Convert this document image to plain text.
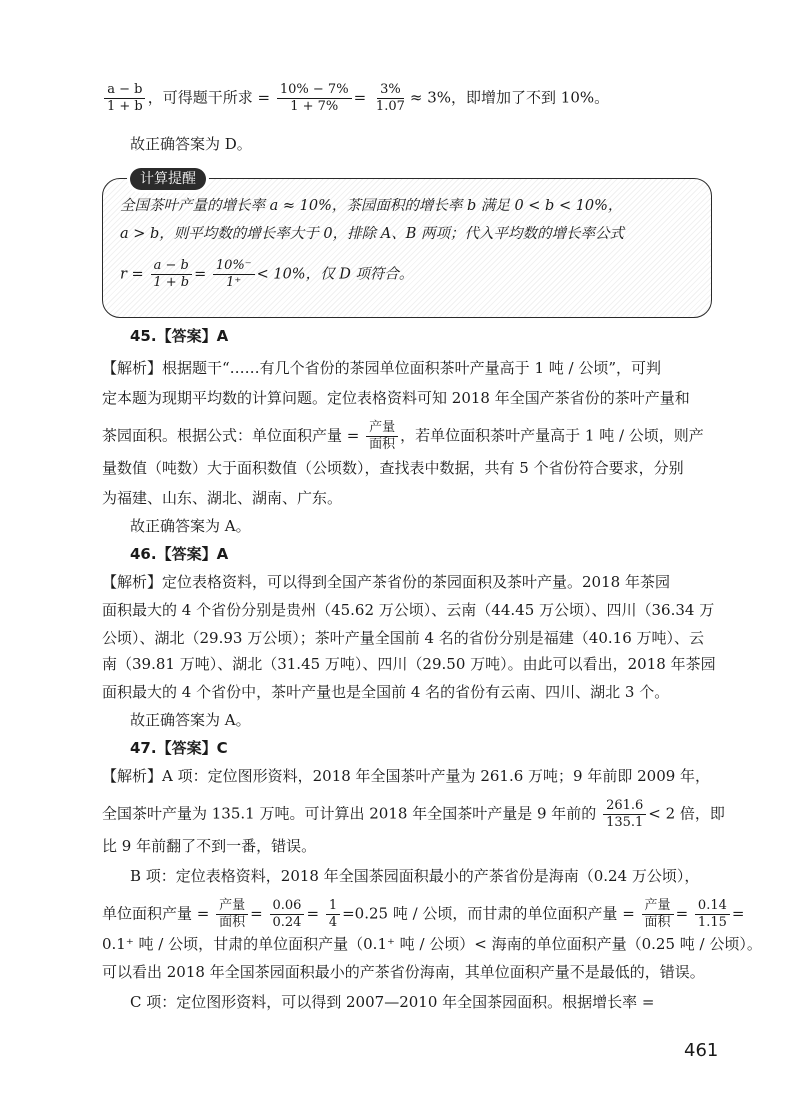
$\frac{a - b}{1 + b}$ ，可得题干所求 = $\frac{10\% - 7\%}{1 + 7\%} = \frac{3\%}{1.07} \approx 3\%$，即增加了不到 10%。
故正确答案为 D。
计算提醒
全国茶叶产量的增长率 a ≈ 10%，茶园面积的增长率 b 满足 0 < b < 10%，
a > b，则平均数的增长率大于 0，排除 A、B 两项；代入平均数的增长率公式
$r = \frac{a - b}{1 + b} = \frac{10\%^-}{1^+} < 10\%$，仅 D 项符合。
45.【答案】A
【解析】根据题干“……有几个省份的茶园单位面积茶叶产量高于 1 吨 / 公顷”，可判
定本题为现期平均数的计算问题。定位表格资料可知 2018 年全国产茶省份的茶叶产量和
茶园面积。根据公式：单位面积产量 = $\frac{\text{产量}}{\text{面积}}$ ，若单位面积茶叶产量高于 1 吨 / 公顷，则产
量数值（吨数）大于面积数值（公顷数），查找表中数据，共有 5 个省份符合要求，分别
为福建、山东、湖北、湖南、广东。
故正确答案为 A。
46.【答案】A
【解析】定位表格资料，可以得到全国产茶省份的茶园面积及茶叶产量。2018 年茶园
面积最大的 4 个省份分别是贵州（45.62 万公顷）、云南（44.45 万公顷）、四川（36.34 万
公顷）、湖北（29.93 万公顷）；茶叶产量全国前 4 名的省份分别是福建（40.16 万吨）、云
南（39.81 万吨）、湖北（31.45 万吨）、四川（29.50 万吨）。由此可以看出，2018 年茶园
面积最大的 4 个省份中，茶叶产量也是全国前 4 名的省份有云南、四川、湖北 3 个。
故正确答案为 A。
47.【答案】C
【解析】A 项：定位图形资料，2018 年全国茶叶产量为 261.6 万吨；9 年前即 2009 年，
全国茶叶产量为 135.1 万吨。可计算出 2018 年全国茶叶产量是 9 年前的 $\frac{261.6}{135.1} < 2$ 倍，即
比 9 年前翻了不到一番，错误。
B 项：定位表格资料，2018 年全国茶园面积最小的产茶省份是海南（0.24 万公顷），
单位面积产量 = $\frac{\text{产量}}{\text{面积}} = \frac{0.06}{0.24} = \frac{1}{4} =0.25$ 吨 / 公顷，而甘肃的单位面积产量 = $\frac{\text{产量}}{\text{面积}} = \frac{0.14}{1.15}$ =
0.1⁺ 吨 / 公顷，甘肃的单位面积产量（0.1⁺ 吨 / 公顷）< 海南的单位面积产量（0.25 吨 / 公顷）。
可以看出 2018 年全国茶园面积最小的产茶省份海南，其单位面积产量不是最低的，错误。
C 项：定位图形资料，可以得到 2007—2010 年全国茶园面积。根据增长率 =
461
